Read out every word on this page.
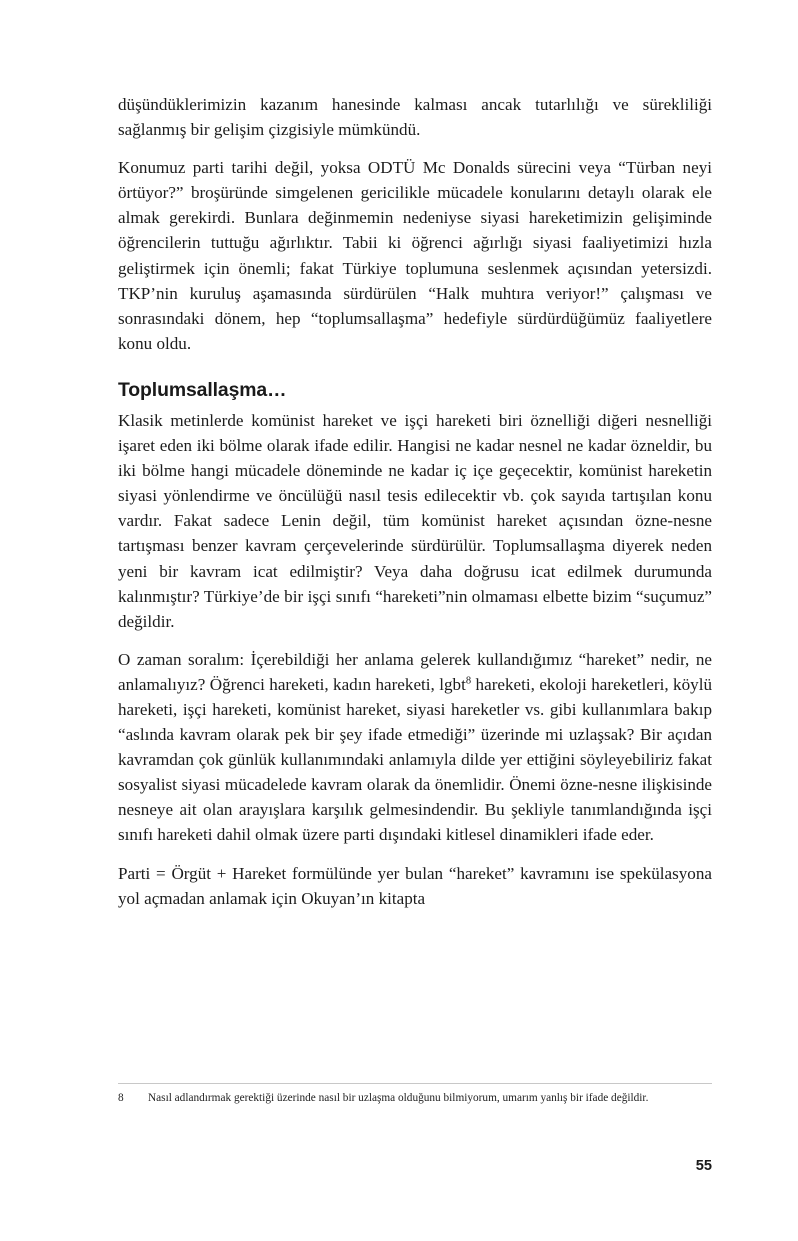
düşündüklerimizin kazanım hanesinde kalması ancak tutarlılığı ve sürekliliği sağlanmış bir gelişim çizgisiyle mümkündü.

Konumuz parti tarihi değil, yoksa ODTÜ Mc Donalds sürecini veya “Türban neyi örtüyor?” broşüründe simgelenen gericilikle mücadele konularını detaylı olarak ele almak gerekirdi. Bunlara değinmemin nedeniyse siyasi hareketimizin gelişiminde öğrencilerin tuttuğu ağırlıktır. Tabii ki öğrenci ağırlığı siyasi faaliyetimizi hızla geliştirmek için önemli; fakat Türkiye toplumuna seslenmek açısından yetersizdi. TKP’nin kuruluş aşamasında sürdürülen “Halk muhtıra veriyor!” çalışması ve sonrasındaki dönem, hep “toplumsallaşma” hedefiyle sürdürdüğümüz faaliyetlere konu oldu.

Toplumsallaşma…

Klasik metinlerde komünist hareket ve işçi hareketi biri öznelliği diğeri nesnelliği işaret eden iki bölme olarak ifade edilir. Hangisi ne kadar nesnel ne kadar özneldir, bu iki bölme hangi mücadele döneminde ne kadar iç içe geçecektir, komünist hareketin siyasi yönlendirme ve öncülüğü nasıl tesis edilecektir vb. çok sayıda tartışılan konu vardır. Fakat sadece Lenin değil, tüm komünist hareket açısından özne-nesne tartışması benzer kavram çerçevelerinde sürdürülür. Toplumsallaşma diyerek neden yeni bir kavram icat edilmiştir? Veya daha doğrusu icat edilmek durumunda kalınmıştır? Türkiye’de bir işçi sınıfı “hareketi”nin olmaması elbette bizim “suçumuz” değildir.

O zaman soralım: İçerebildiği her anlama gelerek kullandığımız “hareket” nedir, ne anlamalıyız? Öğrenci hareketi, kadın hareketi, lgbt$^8$ hareketi, ekoloji hareketleri, köylü hareketi, işçi hareketi, komünist hareket, siyasi hareketler vs. gibi kullanımlara bakıp “aslında kavram olarak pek bir şey ifade etmediği” üzerinde mi uzlaşsak? Bir açıdan kavramdan çok günlük kullanımındaki anlamıyla dilde yer ettiğini söyleyebiliriz fakat sosyalist siyasi mücadelede kavram olarak da önemlidir. Önemi özne-nesne ilişkisinde nesneye ait olan arayışlara karşılık gelmesindendir. Bu şekliyle tanımlandığında işçi sınıfı hareketi dahil olmak üzere parti dışındaki kitlesel dinamikleri ifade eder.

Parti = Örgüt + Hareket formülünde yer bulan “hareket” kavramını ise spekülasyona yol açmadan anlamak için Okuyan’ın kitapta

8 Nasıl adlandırmak gerektiği üzerinde nasıl bir uzlaşma olduğunu bilmiyorum, umarım yanlış bir ifade değildir.
55
